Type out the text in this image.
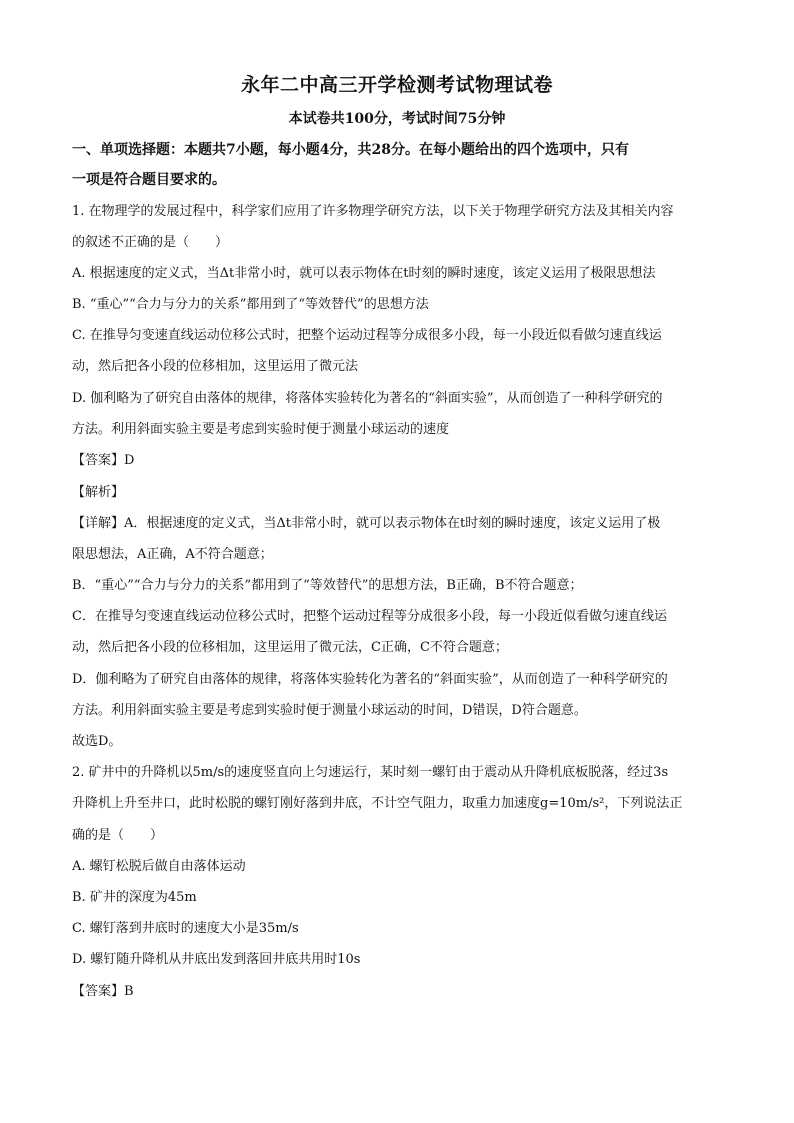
永年二中高三开学检测考试物理试卷
本试卷共100分，考试时间75分钟
一、单项选择题：本题共7小题，每小题4分，共28分。在每小题给出的四个选项中，只有
一项是符合题目要求的。
1. 在物理学的发展过程中，科学家们应用了许多物理学研究方法，以下关于物理学研究方法及其相关内容
的叙述不正确的是（　　）
A. 根据速度的定义式，当Δt非常小时，就可以表示物体在t时刻的瞬时速度，该定义运用了极限思想法
B. “重心”“合力与分力的关系”都用到了“等效替代”的思想方法
C. 在推导匀变速直线运动位移公式时，把整个运动过程等分成很多小段，每一小段近似看做匀速直线运
动，然后把各小段的位移相加，这里运用了微元法
D. 伽利略为了研究自由落体的规律，将落体实验转化为著名的“斜面实验”，从而创造了一种科学研究的
方法。利用斜面实验主要是考虑到实验时便于测量小球运动的速度
【答案】D
【解析】
【详解】A．根据速度的定义式，当Δt非常小时，就可以表示物体在t时刻的瞬时速度，该定义运用了极
限思想法，A正确，A不符合题意；
B．“重心”“合力与分力的关系”都用到了“等效替代”的思想方法，B正确，B不符合题意；
C．在推导匀变速直线运动位移公式时，把整个运动过程等分成很多小段，每一小段近似看做匀速直线运
动，然后把各小段的位移相加，这里运用了微元法，C正确，C不符合题意；
D．伽利略为了研究自由落体的规律，将落体实验转化为著名的“斜面实验”，从而创造了一种科学研究的
方法。利用斜面实验主要是考虑到实验时便于测量小球运动的时间，D错误，D符合题意。
故选D。
2. 矿井中的升降机以5m/s的速度竖直向上匀速运行，某时刻一螺钉由于震动从升降机底板脱落，经过3s
升降机上升至井口，此时松脱的螺钉刚好落到井底，不计空气阻力，取重力加速度g=10m/s²，下列说法正
确的是（　　）
A. 螺钉松脱后做自由落体运动
B. 矿井的深度为45m
C. 螺钉落到井底时的速度大小是35m/s
D. 螺钉随升降机从井底出发到落回井底共用时10s
【答案】B
